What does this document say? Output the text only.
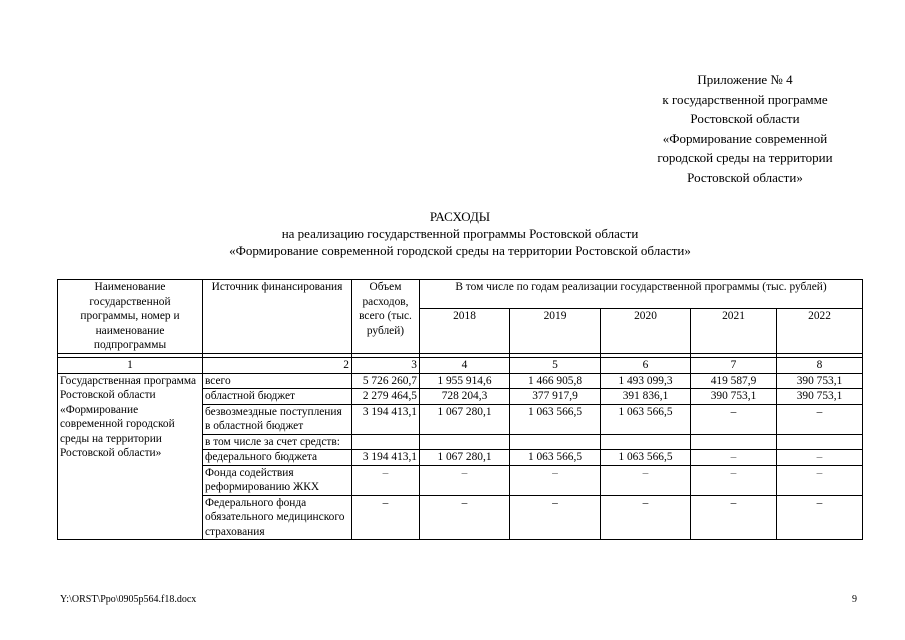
Приложение № 4
к государственной программе
Ростовской области
«Формирование современной
городской среды на территории
Ростовской области»
РАСХОДЫ
на реализацию государственной программы Ростовской области
«Формирование современной городской среды на территории Ростовской области»
Наименование государственной программы, номер и наименование подпрограммы	Источник финансирования	Объем расходов, всего (тыс. рублей)	В том числе по годам реализации государственной программы (тыс. рублей)				
			2018	2019	2020	2021	2022

1	2	3	4	5	6	7	8
Государственная программа Ростовской области «Формирование современной городской среды на территории Ростовской области»	всего	5 726 260,7	1 955 914,6	1 466 905,8	1 493 099,3	419 587,9	390 753,1
	областной бюджет	2 279 464,5	728 204,3	377 917,9	391 836,1	390 753,1	390 753,1
	безвозмездные поступления в областной бюджет	3 194 413,1	1 067 280,1	1 063 566,5	1 063 566,5	–	–
	в том числе за счет средств:						
	федерального бюджета	3 194 413,1	1 067 280,1	1 063 566,5	1 063 566,5	–	–
	Фонда содействия реформированию ЖКХ	–	–	–	–	–	–
	Федерального фонда обязательного медицинского страхования	–	–	–	–	–	–
Y:\ORST\Ppo\0905p564.f18.docx	9
